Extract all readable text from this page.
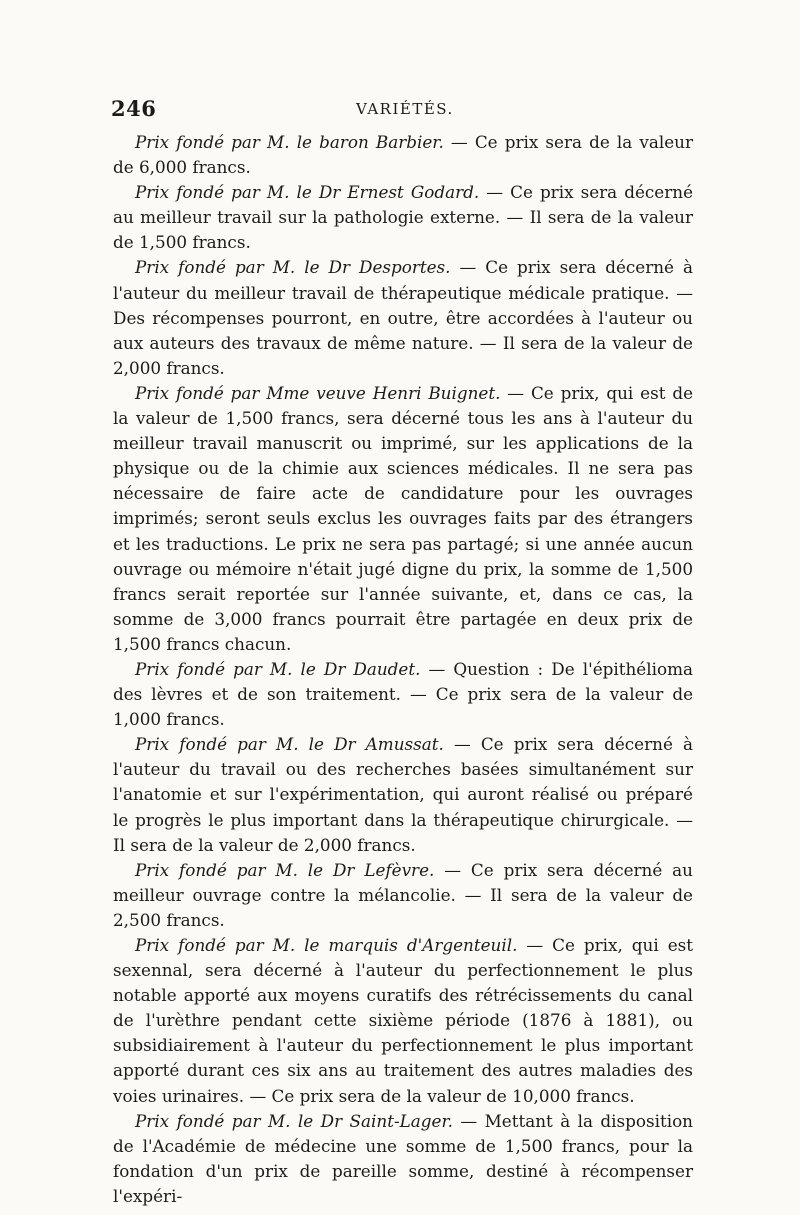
246	VARIÉTÉS.

Prix fondé par M. le baron Barbier. — Ce prix sera de la valeur de 6,000 francs.

Prix fondé par M. le Dr Ernest Godard. — Ce prix sera décerné au meilleur travail sur la pathologie externe. — Il sera de la valeur de 1,500 francs.

Prix fondé par M. le Dr Desportes. — Ce prix sera décerné à l'auteur du meilleur travail de thérapeutique médicale pratique. — Des récompenses pourront, en outre, être accordées à l'auteur ou aux auteurs des travaux de même nature. — Il sera de la valeur de 2,000 francs.

Prix fondé par Mme veuve Henri Buignet. — Ce prix, qui est de la valeur de 1,500 francs, sera décerné tous les ans à l'auteur du meilleur travail manuscrit ou imprimé, sur les applications de la physique ou de la chimie aux sciences médicales. Il ne sera pas nécessaire de faire acte de candidature pour les ouvrages imprimés; seront seuls exclus les ouvrages faits par des étrangers et les traductions. Le prix ne sera pas partagé; si une année aucun ouvrage ou mémoire n'était jugé digne du prix, la somme de 1,500 francs serait reportée sur l'année suivante, et, dans ce cas, la somme de 3,000 francs pourrait être partagée en deux prix de 1,500 francs chacun.

Prix fondé par M. le Dr Daudet. — Question : De l'épithélioma des lèvres et de son traitement. — Ce prix sera de la valeur de 1,000 francs.

Prix fondé par M. le Dr Amussat. — Ce prix sera décerné à l'auteur du travail ou des recherches basées simultanément sur l'anatomie et sur l'expérimentation, qui auront réalisé ou préparé le progrès le plus important dans la thérapeutique chirurgicale. — Il sera de la valeur de 2,000 francs.

Prix fondé par M. le Dr Lefèvre. — Ce prix sera décerné au meilleur ouvrage contre la mélancolie. — Il sera de la valeur de 2,500 francs.

Prix fondé par M. le marquis d'Argenteuil. — Ce prix, qui est sexennal, sera décerné à l'auteur du perfectionnement le plus notable apporté aux moyens curatifs des rétrécissements du canal de l'urèthre pendant cette sixième période (1876 à 1881), ou subsidiairement à l'auteur du perfectionnement le plus important apporté durant ces six ans au traitement des autres maladies des voies urinaires. — Ce prix sera de la valeur de 10,000 francs.

Prix fondé par M. le Dr Saint-Lager. — Mettant à la disposition de l'Académie de médecine une somme de 1,500 francs, pour la fondation d'un prix de pareille somme, destiné à récompenser l'expéri-
